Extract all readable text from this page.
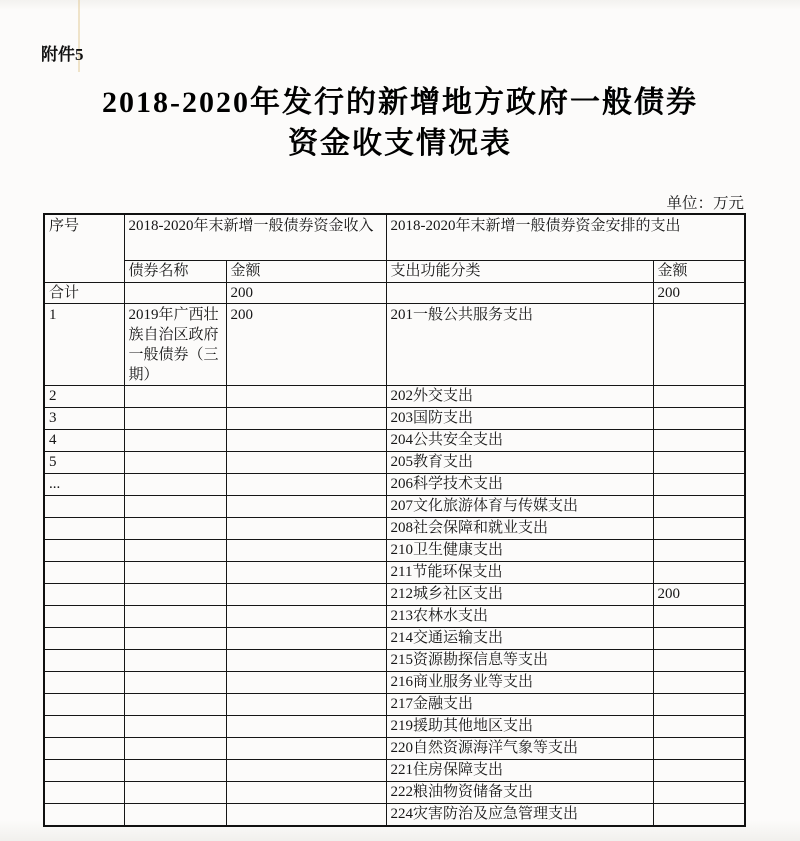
附件5
2018-2020年发行的新增地方政府一般债券
资金收支情况表
单位：万元
序号	2018-2020年末新增一般债券资金收入		2018-2020年末新增一般债券资金安排的支出	
	债券名称	金额	支出功能分类	金额
合计		200		200
1	2019年广西壮族自治区政府一般债券（三期）	200	201一般公共服务支出	
2			202外交支出	
3			203国防支出	
4			204公共安全支出	
5			205教育支出	
...			206科学技术支出	
			207文化旅游体育与传媒支出	
			208社会保障和就业支出	
			210卫生健康支出	
			211节能环保支出	
			212城乡社区支出	200
			213农林水支出	
			214交通运输支出	
			215资源勘探信息等支出	
			216商业服务业等支出	
			217金融支出	
			219援助其他地区支出	
			220自然资源海洋气象等支出	
			221住房保障支出	
			222粮油物资储备支出	
			224灾害防治及应急管理支出	
